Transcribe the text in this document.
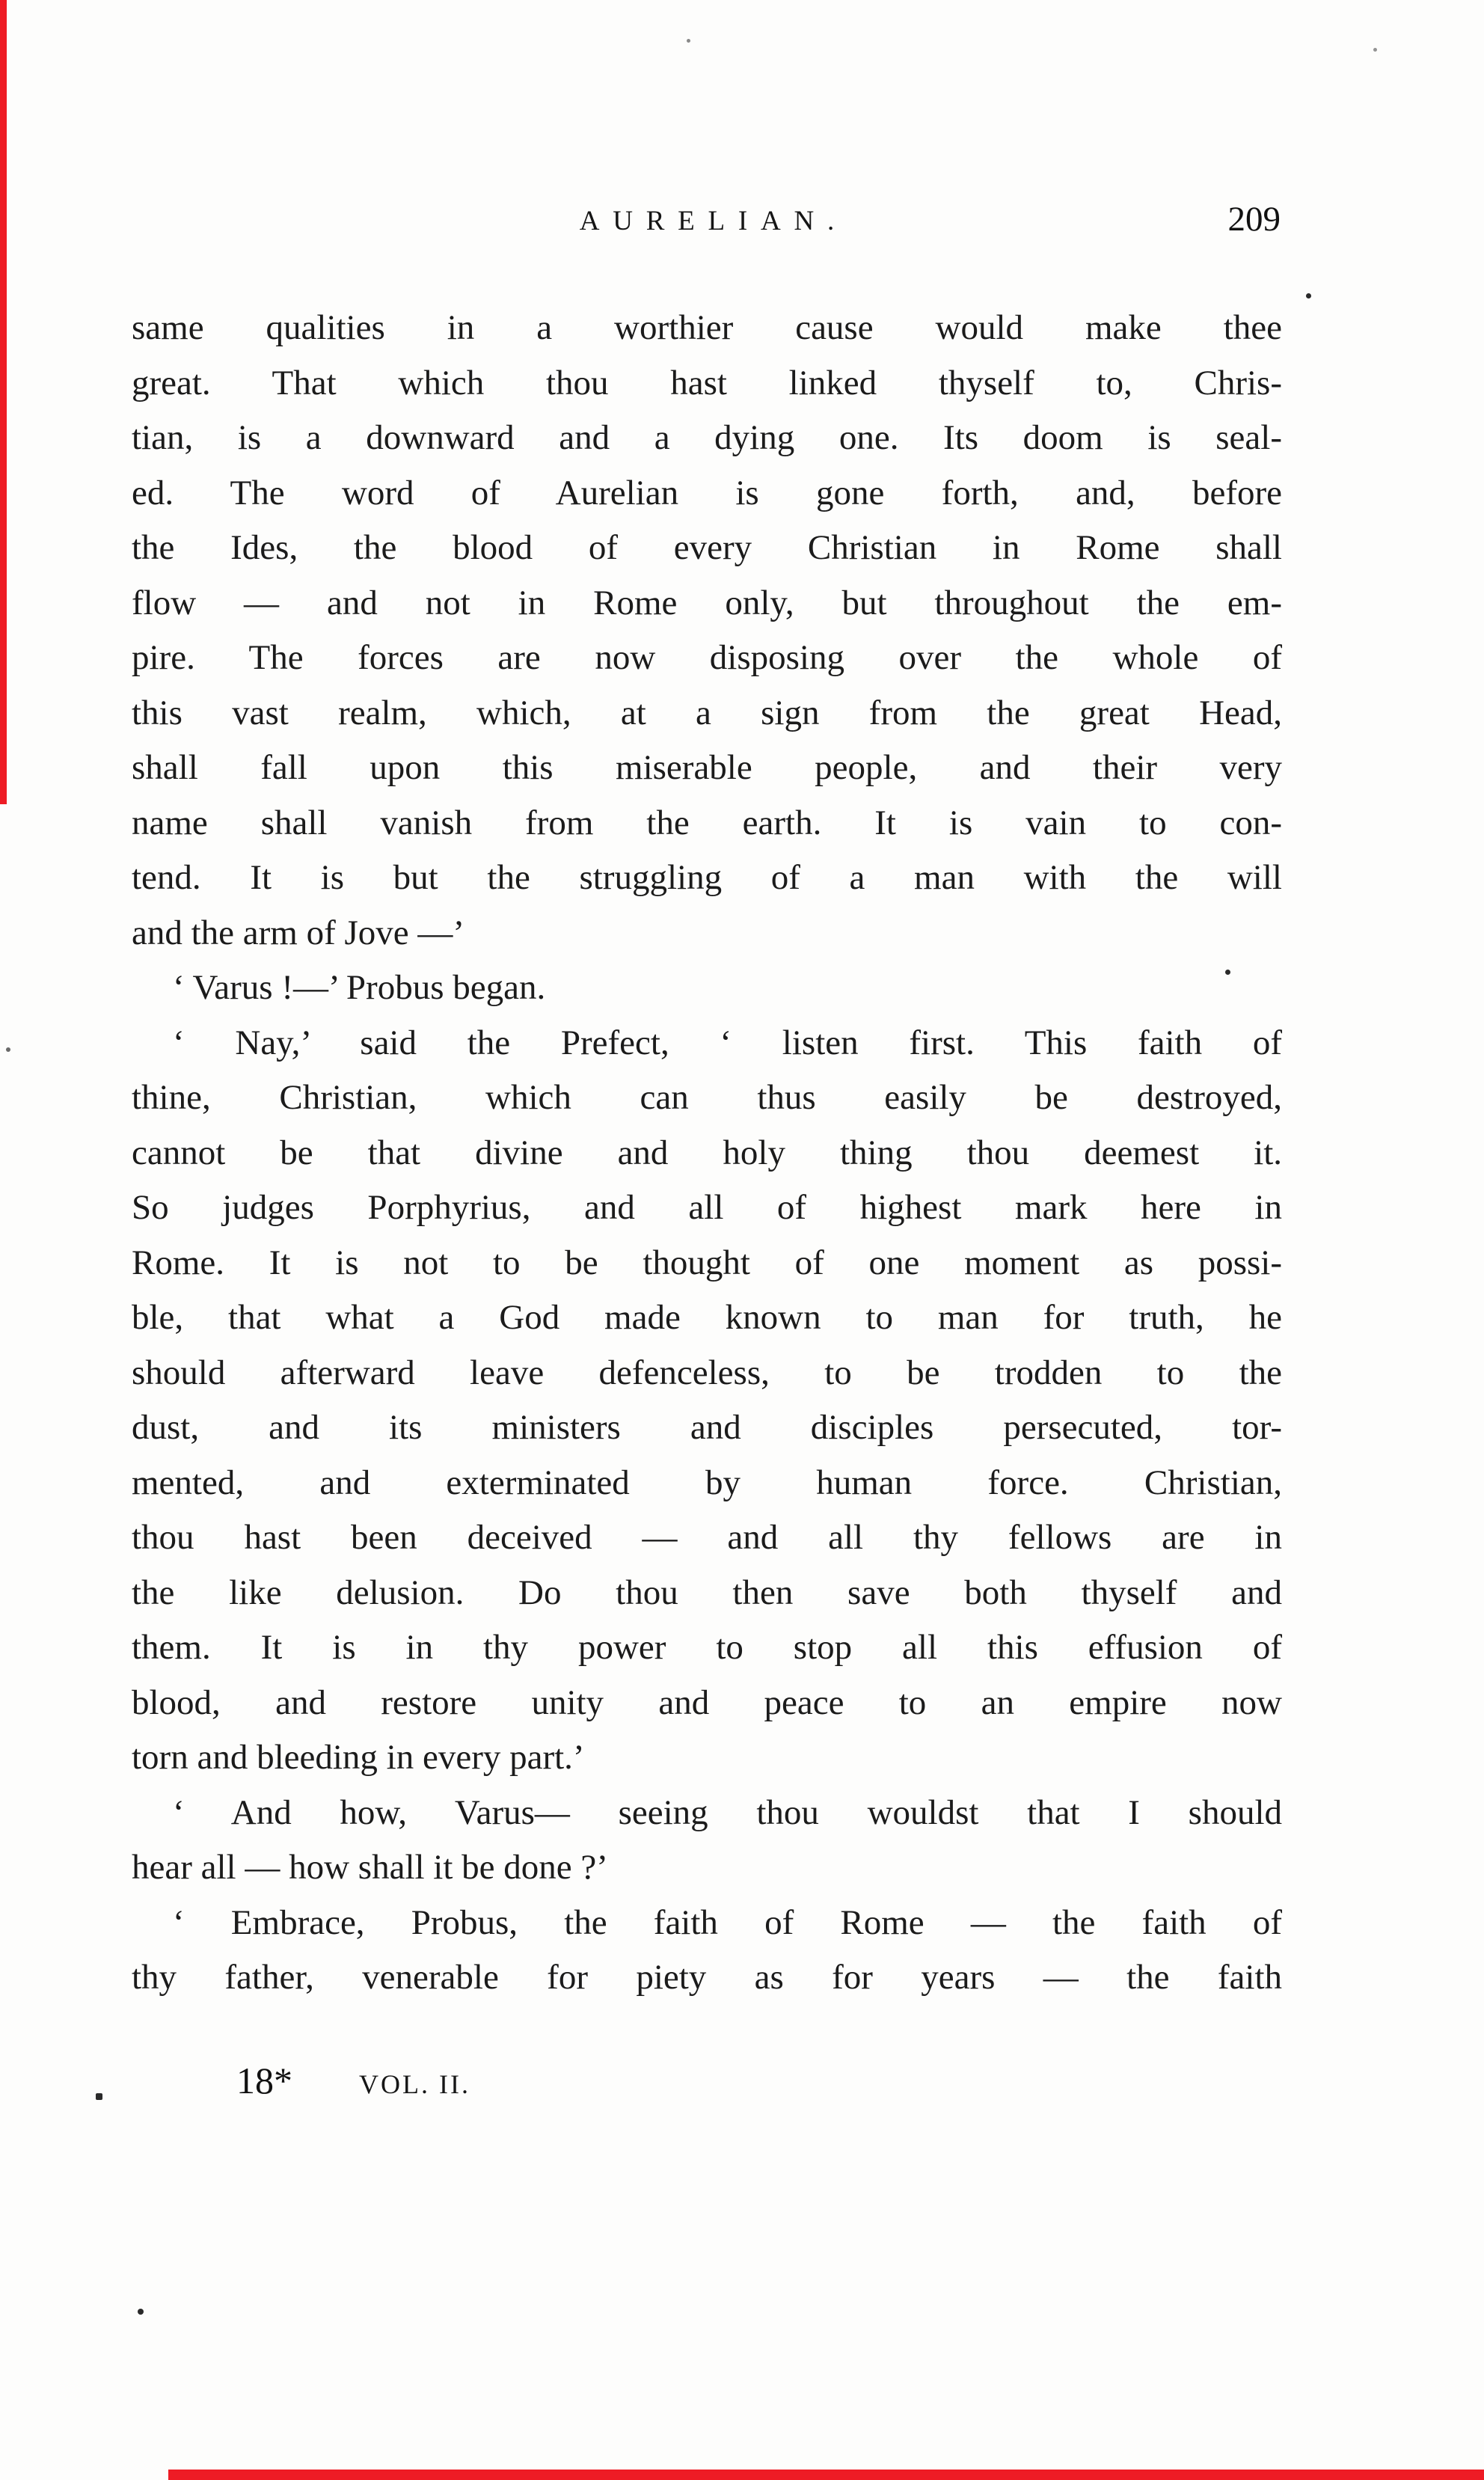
AURELIAN.	209
same qualities in a worthier cause would make thee
great. That which thou hast linked thyself to, Chris-
tian, is a downward and a dying one. Its doom is seal-
ed. The word of Aurelian is gone forth, and, before
the Ides, the blood of every Christian in Rome shall
flow — and not in Rome only, but throughout the em-
pire. The forces are now disposing over the whole of
this vast realm, which, at a sign from the great Head,
shall fall upon this miserable people, and their very
name shall vanish from the earth. It is vain to con-
tend. It is but the struggling of a man with the will
and the arm of Jove —’
‘ Varus !—’ Probus began.
‘ Nay,’ said the Prefect, ‘ listen first. This faith of
thine, Christian, which can thus easily be destroyed,
cannot be that divine and holy thing thou deemest it.
So judges Porphyrius, and all of highest mark here in
Rome. It is not to be thought of one moment as possi-
ble, that what a God made known to man for truth, he
should afterward leave defenceless, to be trodden to the
dust, and its ministers and disciples persecuted, tor-
mented, and exterminated by human force. Christian,
thou hast been deceived — and all thy fellows are in
the like delusion. Do thou then save both thyself and
them. It is in thy power to stop all this effusion of
blood, and restore unity and peace to an empire now
torn and bleeding in every part.’
‘ And how, Varus— seeing thou wouldst that I should
hear all — how shall it be done ?’
‘ Embrace, Probus, the faith of Rome — the faith of
thy father, venerable for piety as for years — the faith
18* VOL. II.
